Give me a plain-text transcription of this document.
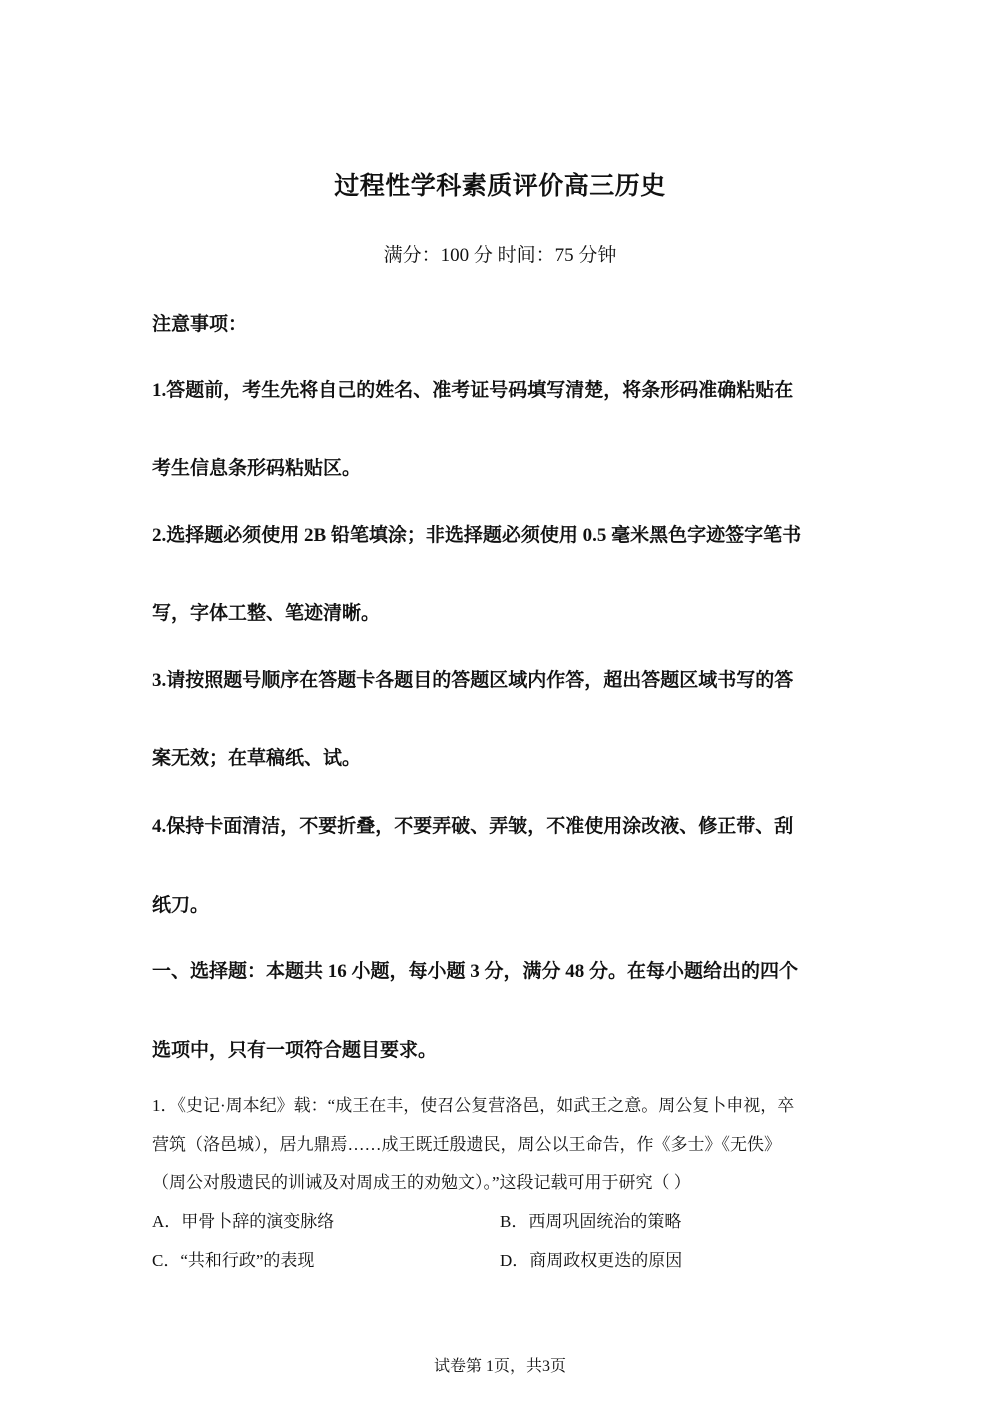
过程性学科素质评价高三历史
满分：100 分 时间：75 分钟
注意事项：
1.答题前，考生先将自己的姓名、准考证号码填写清楚，将条形码准确粘贴在
考生信息条形码粘贴区。
2.选择题必须使用 2B 铅笔填涂；非选择题必须使用 0.5 毫米黑色字迹签字笔书
写，字体工整、笔迹清晰。
3.请按照题号顺序在答题卡各题目的答题区域内作答，超出答题区域书写的答
案无效；在草稿纸、试。
4.保持卡面清洁，不要折叠，不要弄破、弄皱，不准使用涂改液、修正带、刮
纸刀。
一、选择题：本题共 16 小题，每小题 3 分，满分 48 分。在每小题给出的四个
选项中，只有一项符合题目要求。
1．《史记·周本纪》载：“成王在丰，使召公复营洛邑，如武王之意。周公复卜申视，卒
营筑（洛邑城），居九鼎焉……成王既迁殷遗民，周公以王命告，作《多士》《无佚》
（周公对殷遗民的训诫及对周成王的劝勉文）。”这段记载可用于研究（ ）
A．甲骨卜辞的演变脉络	B．西周巩固统治的策略
C．“共和行政”的表现	D．商周政权更迭的原因
试卷第 1页，共3页
